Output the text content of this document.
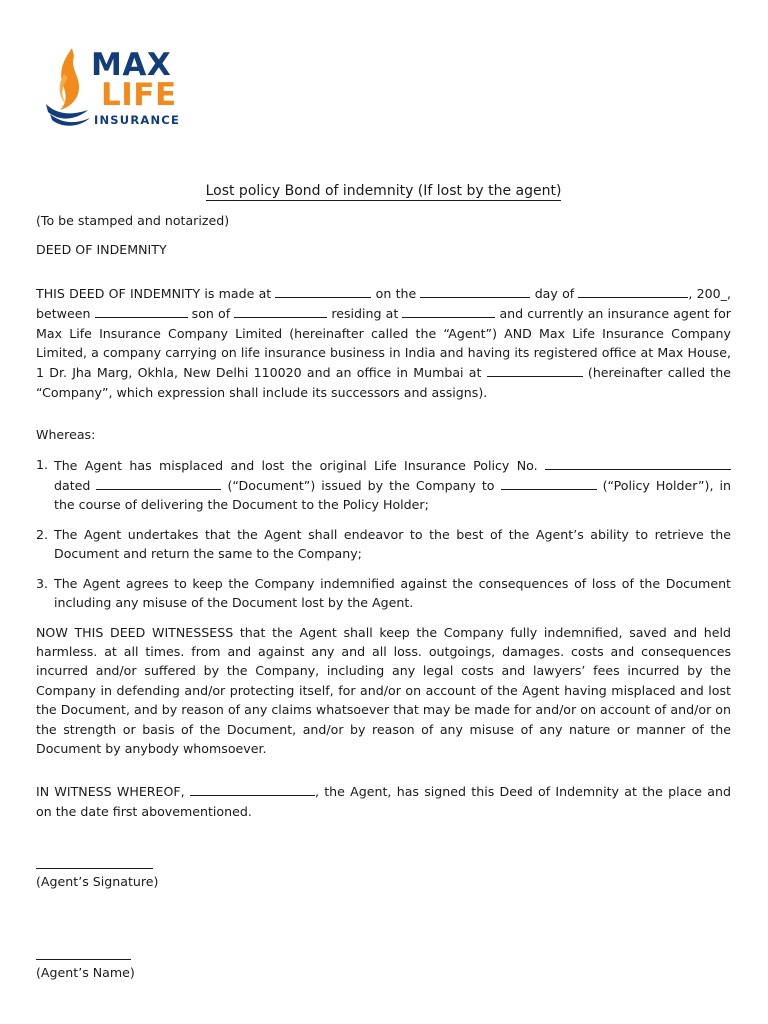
MAX
LIFE
INSURANCE
Lost policy Bond of indemnity (If lost by the agent)

(To be stamped and notarized)

DEED OF INDEMNITY

THIS DEED OF INDEMNITY is made at	on the	day of	, 200_, between	son of	residing at	and currently an insurance agent for Max Life Insurance Company Limited (hereinafter called the “Agent”) AND Max Life Insurance Company Limited, a company carrying on life insurance business in India and having its registered office at Max House, 1 Dr. Jha Marg, Okhla, New Delhi 110020 and an office in Mumbai at	(hereinafter called the “Company”, which expression shall include its successors and assigns).

Whereas:

1. The Agent has misplaced and lost the original Life Insurance Policy No.  dated	(“Document”) issued by the Company to	(“Policy Holder”), in the course of delivering the Document to the Policy Holder;
2. The Agent undertakes that the Agent shall endeavor to the best of the Agent’s ability to retrieve the Document and return the same to the Company;
3. The Agent agrees to keep the Company indemnified against the consequences of loss of the Document including any misuse of the Document lost by the Agent.

NOW THIS DEED WITNESSESS that the Agent shall keep the Company fully indemnified, saved and held harmless. at all times. from and against any and all loss. outgoings, damages. costs and consequences incurred and/or suffered by the Company, including any legal costs and lawyers’ fees incurred by the Company in defending and/or protecting itself, for and/or on account of the Agent having misplaced and lost the Document, and by reason of any claims whatsoever that may be made for and/or on account of and/or on the strength or basis of the Document, and/or by reason of any misuse of any nature or manner of the Document by anybody whomsoever.

IN WITNESS WHEREOF,	, the Agent, has signed this Deed of Indemnity at the place and on the date first abovementioned.

(Agent’s Signature)
(Agent’s Name)
